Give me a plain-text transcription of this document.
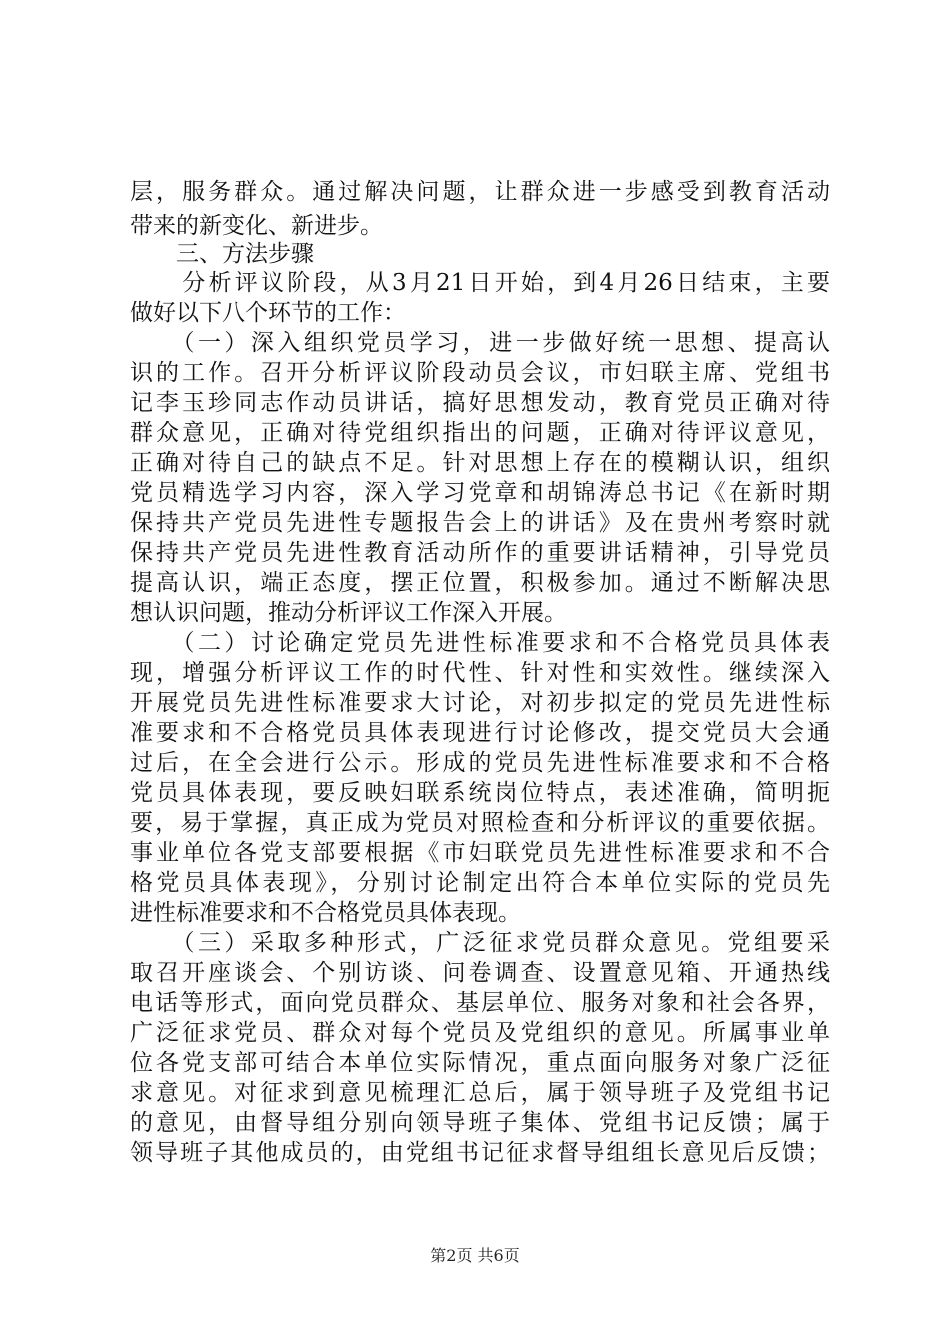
层，服务群众。通过解决问题，让群众进一步感受到教育活动
带来的新变化、新进步。
　　三、方法步骤
　　分析评议阶段，从3月21日开始，到4月26日结束，主要
做好以下八个环节的工作：
　　（一）深入组织党员学习，进一步做好统一思想、提高认
识的工作。召开分析评议阶段动员会议，市妇联主席、党组书
记李玉珍同志作动员讲话，搞好思想发动，教育党员正确对待
群众意见，正确对待党组织指出的问题，正确对待评议意见，
正确对待自己的缺点不足。针对思想上存在的模糊认识，组织
党员精选学习内容，深入学习党章和胡锦涛总书记《在新时期
保持共产党员先进性专题报告会上的讲话》及在贵州考察时就
保持共产党员先进性教育活动所作的重要讲话精神，引导党员
提高认识，端正态度，摆正位置，积极参加。通过不断解决思
想认识问题，推动分析评议工作深入开展。
　　（二）讨论确定党员先进性标准要求和不合格党员具体表
现，增强分析评议工作的时代性、针对性和实效性。继续深入
开展党员先进性标准要求大讨论，对初步拟定的党员先进性标
准要求和不合格党员具体表现进行讨论修改，提交党员大会通
过后，在全会进行公示。形成的党员先进性标准要求和不合格
党员具体表现，要反映妇联系统岗位特点，表述准确，简明扼
要，易于掌握，真正成为党员对照检查和分析评议的重要依据。
事业单位各党支部要根据《市妇联党员先进性标准要求和不合
格党员具体表现》，分别讨论制定出符合本单位实际的党员先
进性标准要求和不合格党员具体表现。
　　（三）采取多种形式，广泛征求党员群众意见。党组要采
取召开座谈会、个别访谈、问卷调查、设置意见箱、开通热线
电话等形式，面向党员群众、基层单位、服务对象和社会各界，
广泛征求党员、群众对每个党员及党组织的意见。所属事业单
位各党支部可结合本单位实际情况，重点面向服务对象广泛征
求意见。对征求到意见梳理汇总后，属于领导班子及党组书记
的意见，由督导组分别向领导班子集体、党组书记反馈；属于
领导班子其他成员的，由党组书记征求督导组组长意见后反馈；
第2页 共6页
